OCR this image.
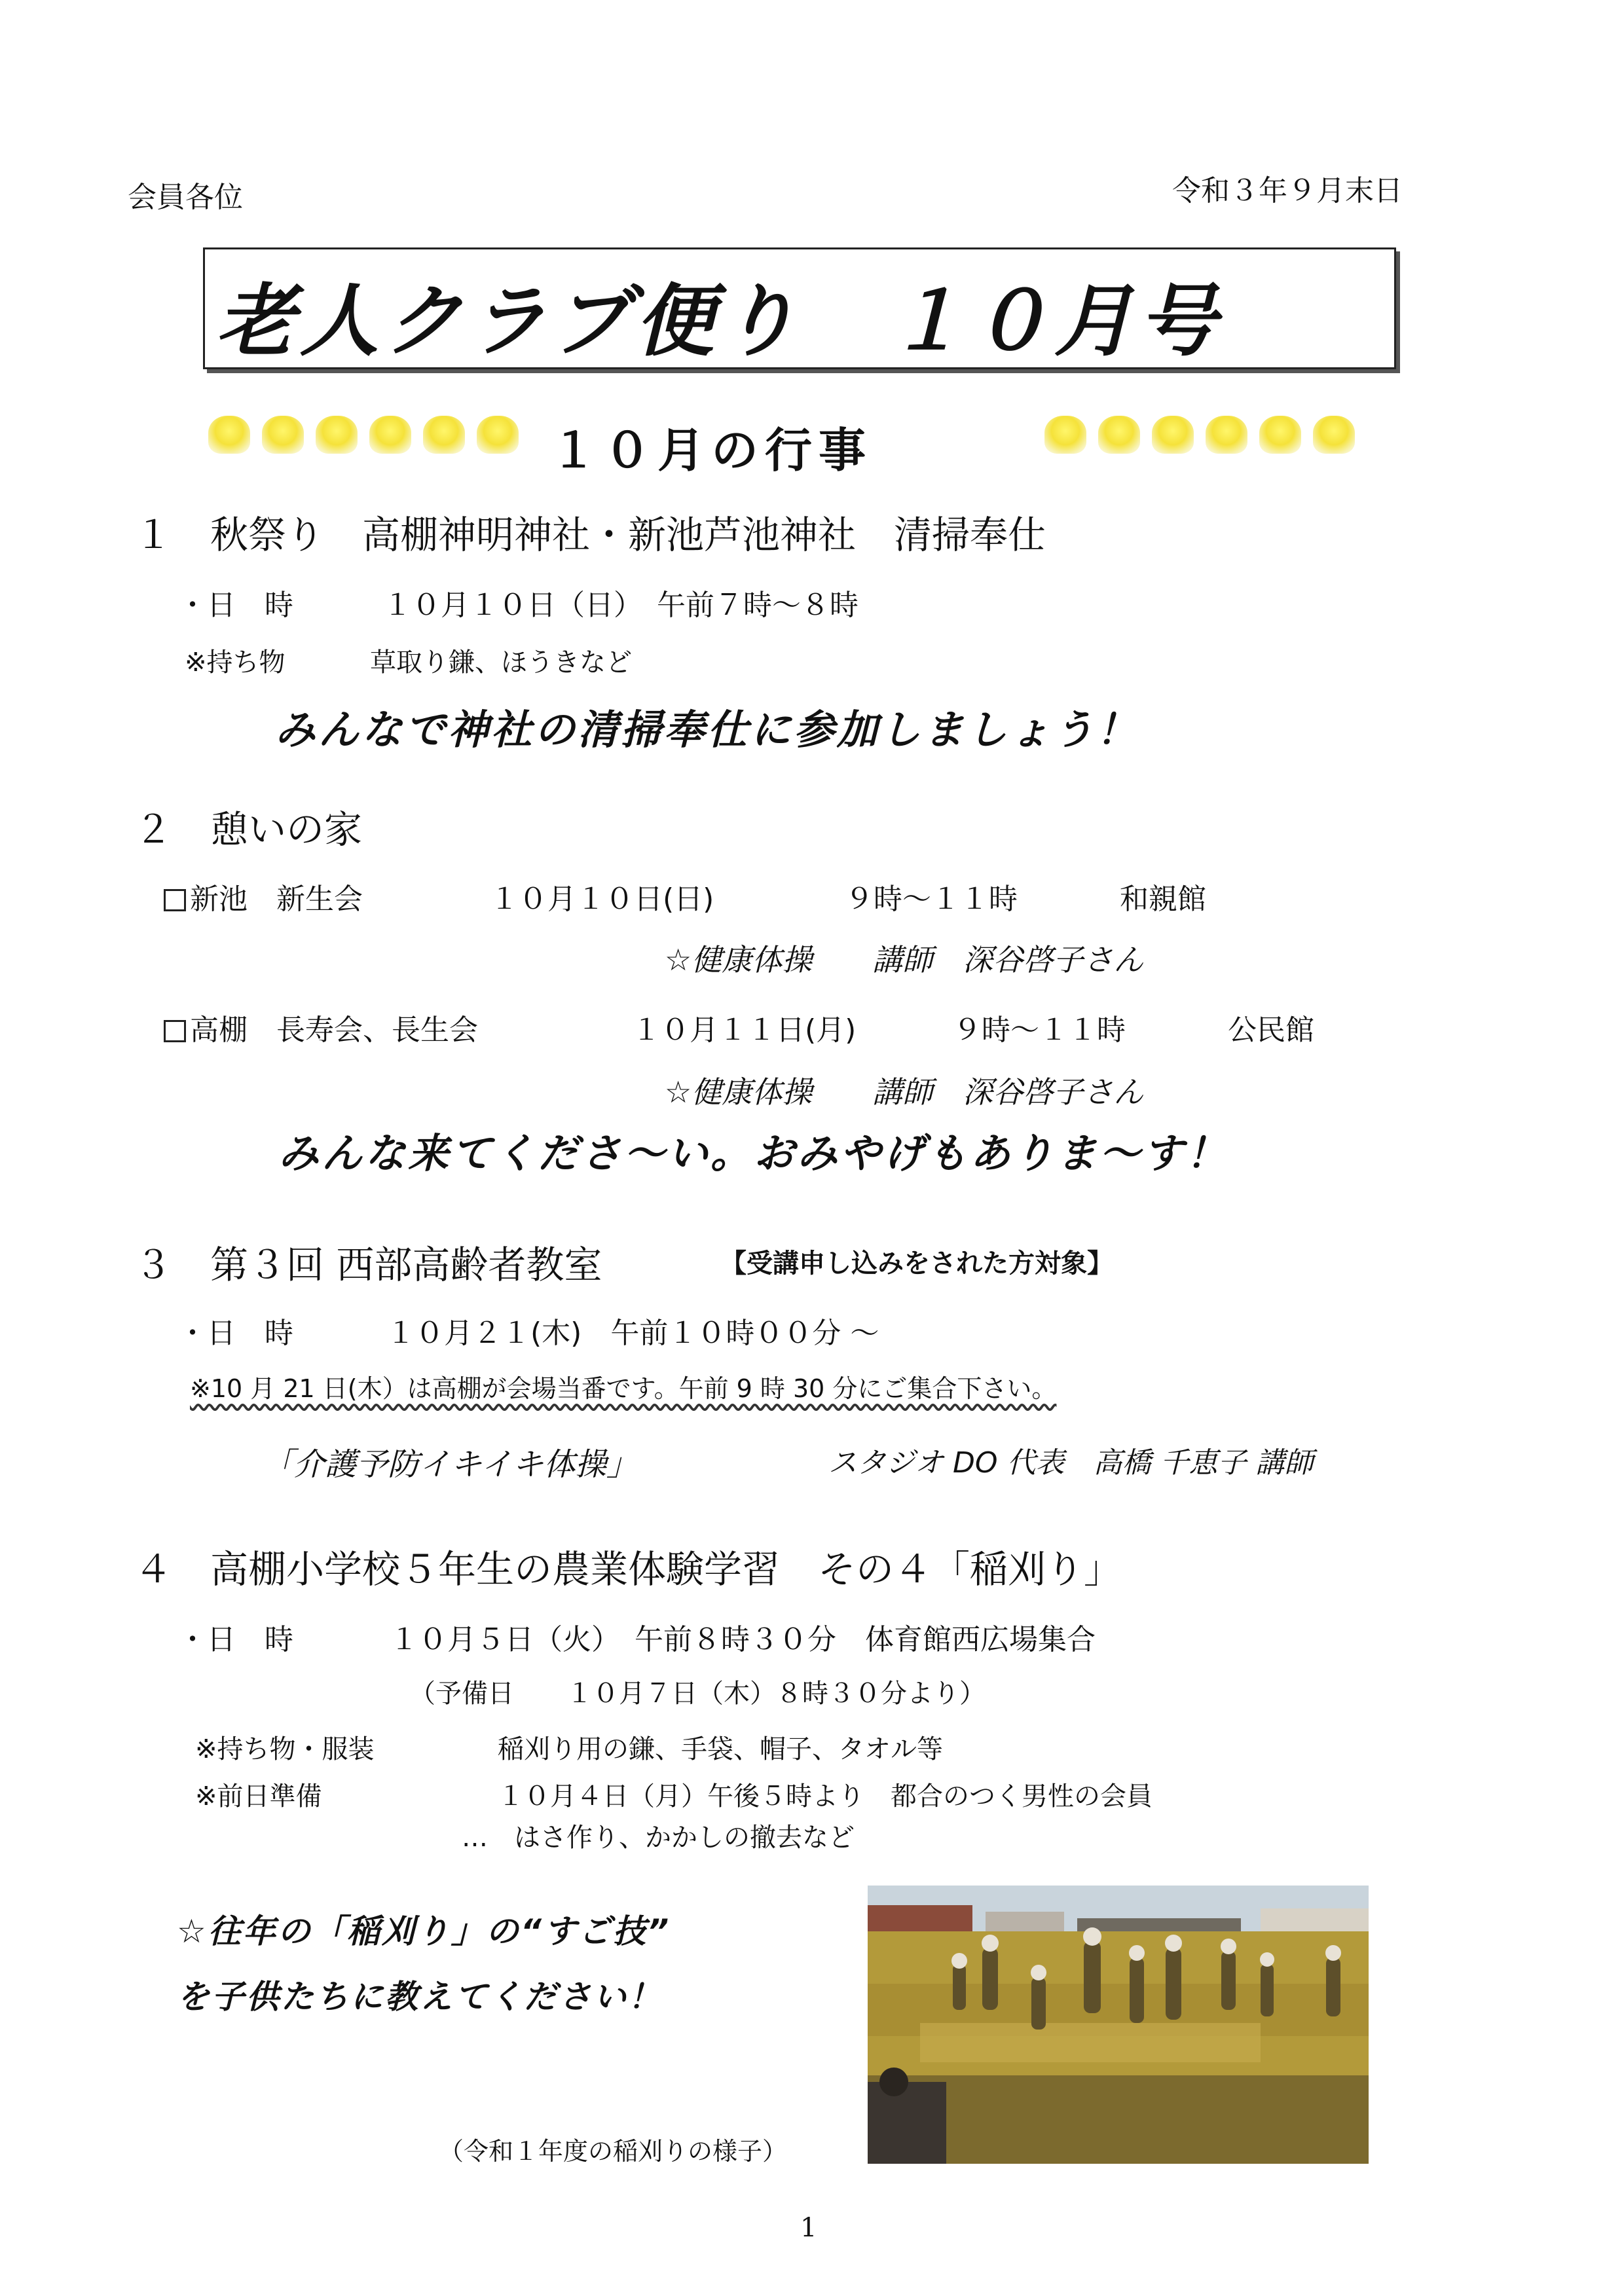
会員各位	令和３年９月末日
老人クラブ便り　１０月号
１０月の行事
１　秋祭り　高棚神明神社・新池芦池神社　清掃奉仕
・日　時	１０月１０日（日）　午前７時～８時
※持ち物	草取り鎌、ほうきなど
みんなで神社の清掃奉仕に参加しましょう！
２　憩いの家
新池　新生会	１０月１０日(日)	９時～１１時	和親館
☆健康体操　　講師　深谷啓子さん
高棚　長寿会、長生会	１０月１１日(月)	９時～１１時	公民館
☆健康体操　　講師　深谷啓子さん
みんな来てくださ～い。おみやげもありま～す！
３　第３回 西部高齢者教室	【受講申し込みをされた方対象】
・日　時	１０月２１(木)　午前１０時００分 ～
※10 月 21 日(木）は高棚が会場当番です。午前 9 時 30 分にご集合下さい。
「介護予防イキイキ体操」	スタジオ DO 代表　高橋 千恵子 講師
４　高棚小学校５年生の農業体験学習　その４「稲刈り」
・日　時	１０月５日（火）　午前８時３０分　体育館西広場集合
（予備日　　１０月７日（木）８時３０分より）
※持ち物・服装	稲刈り用の鎌、手袋、帽子、タオル等
※前日準備	１０月４日（月）午後５時より　都合のつく男性の会員
…　はさ作り、かかしの撤去など
☆往年の「稲刈り」の“すご技”
を子供たちに教えてください！
（令和１年度の稲刈りの様子）
1
